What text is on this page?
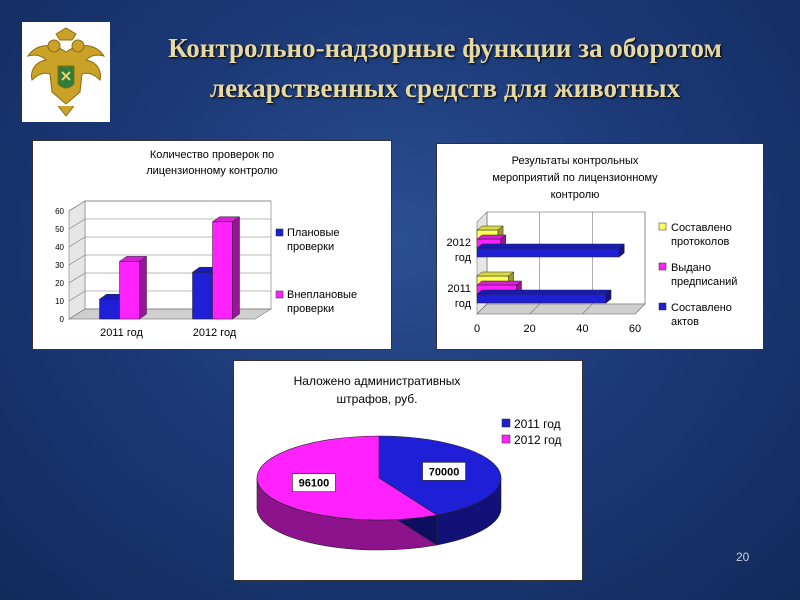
Контрольно-надзорные функции за оборотом лекарственных средств для животных
Количество проверок по
лицензионному контролю
0
10
20
30
40
50
60
2011 год	2012 год
Плановые
проверки
Внеплановые
проверки
Результаты контрольных
мероприятий по лицензионному
контролю
0	20	40	60
2012
год
2011
год
Составлено
протоколов
Выдано
предписаний
Составлено
актов
Наложено административных
штрафов, руб.
2011 год
2012 год
70000
96100
20
